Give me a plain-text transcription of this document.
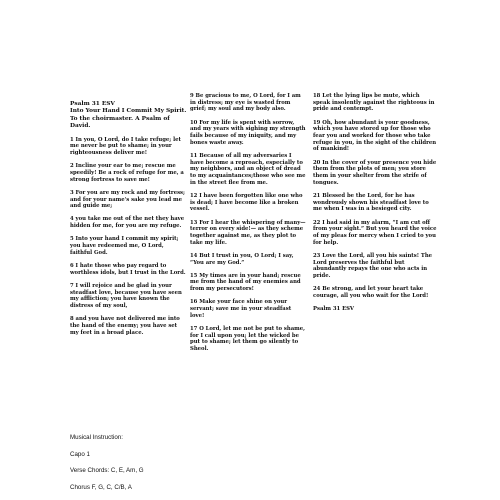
Psalm 31 ESV
Into Your Hand I Commit My Spirit.
To the choirmaster. A Psalm of David.

1 In you, O Lord, do I take refuge; let me never be put to shame; in your righteousness deliver me!

2 Incline your ear to me; rescue me speedily! Be a rock of refuge for me, a strong fortress to save me!

3 For you are my rock and my fortress; and for your name's sake you lead me and guide me;

4 you take me out of the net they have hidden for me, for you are my refuge.

5 Into your hand I commit my spirit; you have redeemed me, O Lord, faithful God.

6 I hate those who pay regard to worthless idols, but I trust in the Lord.

7 I will rejoice and be glad in your steadfast love, because you have seen my affliction; you have known the distress of my soul,

8 and you have not delivered me into the hand of the enemy; you have set my feet in a broad place.

9 Be gracious to me, O Lord, for I am in distress; my eye is wasted from grief; my soul and my body also.

10 For my life is spent with sorrow, and my years with sighing my strength fails because of my iniquity, and my bones waste away.

11 Because of all my adversaries I have become a reproach, especially to my neighbors, and an object of dread to my acquaintances;those who see me in the street flee from me.

12 I have been forgotten like one who is dead; I have become like a broken vessel.

13 For I hear the whispering of many— terror on every side!— as they scheme together against me, as they plot to take my life.

14 But I trust in you, O Lord; I say, “You are my God.”

15 My times are in your hand; rescue me from the hand of my enemies and from my persecutors!

16 Make your face shine on your servant; save me in your steadfast love!

17 O Lord, let me not be put to shame, for I call upon you; let the wicked be put to shame; let them go silently to Sheol.

18 Let the lying lips be mute, which speak insolently against the righteous in pride and contempt.

19 Oh, how abundant is your goodness, which you have stored up for those who fear you and worked for those who take refuge in you, in the sight of the children of mankind!

20 In the cover of your presence you hide them from the plots of men; you store them in your shelter from the strife of tongues.

21 Blessed be the Lord, for he has wondrously shown his steadfast love to me when I was in a besieged city.

22 I had said in my alarm, “I am cut off from your sight.” But you heard the voice of my pleas for mercy when I cried to you for help.

23 Love the Lord, all you his saints! The Lord preserves the faithful but abundantly repays the one who acts in pride.

24 Be strong, and let your heart take courage, all you who wait for the Lord!

Psalm 31 ESV

Musical Instruction:
Capo 1
Verse Chords: C, E, Am, G
Chorus F, G, C, C/B, A
